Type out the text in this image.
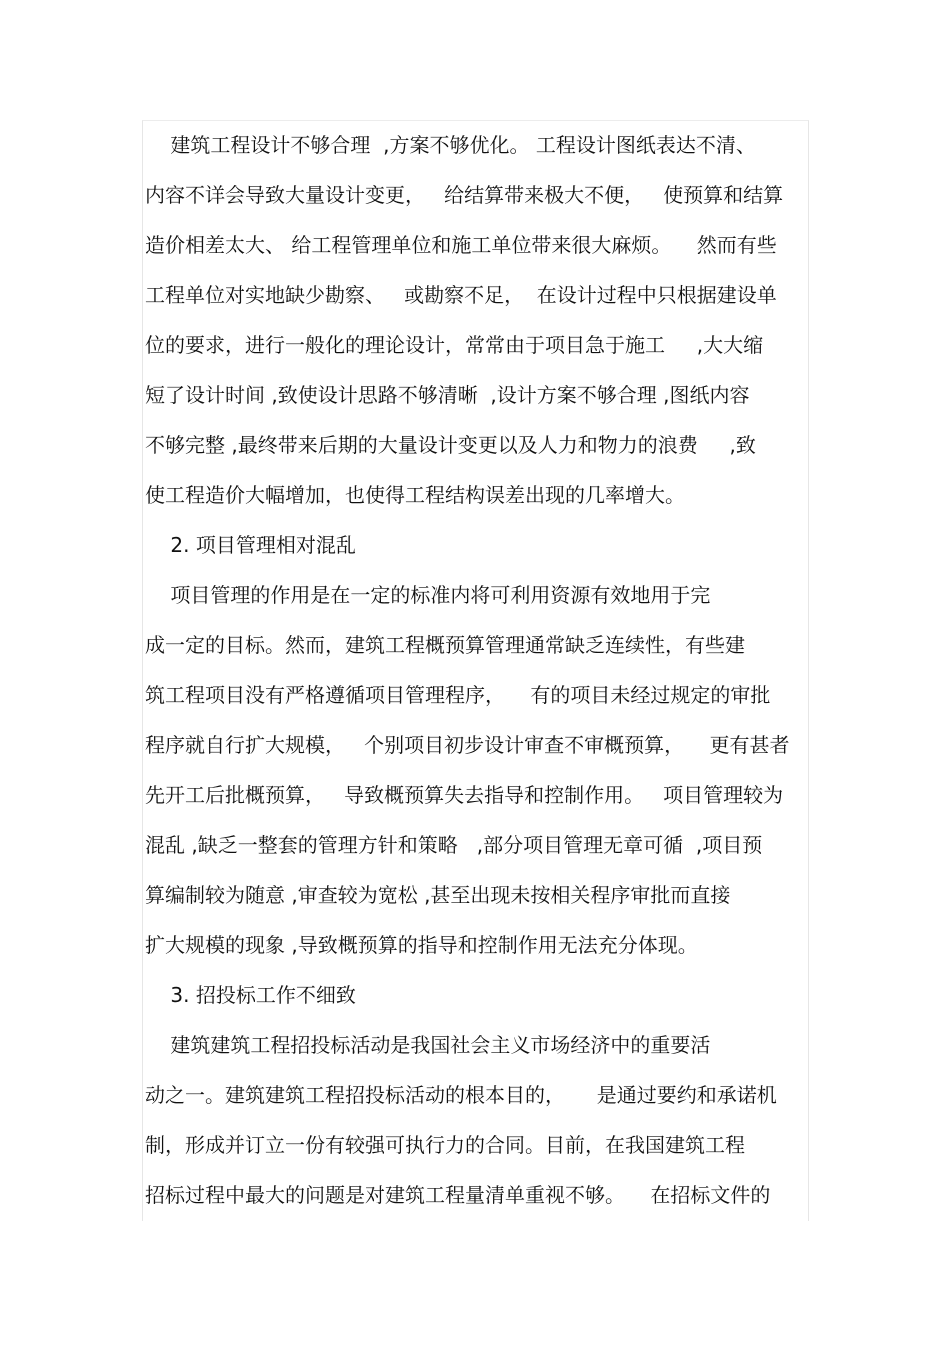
建筑工程设计不够合理  ,方案不够优化。 工程设计图纸表达不清、
内容不详会导致大量设计变更，   给结算带来极大不便，   使预算和结算
造价相差太大、 给工程管理单位和施工单位带来很大麻烦。    然而有些
工程单位对实地缺少勘察、   或勘察不足，  在设计过程中只根据建设单
位的要求，进行一般化的理论设计，常常由于项目急于施工     ,大大缩
短了设计时间 ,致使设计思路不够清晰  ,设计方案不够合理 ,图纸内容
不够完整 ,最终带来后期的大量设计变更以及人力和物力的浪费     ,致
使工程造价大幅增加，也使得工程结构误差出现的几率增大。
2. 项目管理相对混乱
项目管理的作用是在一定的标准内将可利用资源有效地用于完
成一定的目标。然而，建筑工程概预算管理通常缺乏连续性，有些建
筑工程项目没有严格遵循项目管理程序，    有的项目未经过规定的审批
程序就自行扩大规模，   个别项目初步设计审查不审概预算，    更有甚者
先开工后批概预算，   导致概预算失去指导和控制作用。   项目管理较为
混乱 ,缺乏一整套的管理方针和策略   ,部分项目管理无章可循  ,项目预
算编制较为随意 ,审查较为宽松 ,甚至出现未按相关程序审批而直接
扩大规模的现象 ,导致概预算的指导和控制作用无法充分体现。
3. 招投标工作不细致
建筑建筑工程招投标活动是我国社会主义市场经济中的重要活
动之一。建筑建筑工程招投标活动的根本目的，     是通过要约和承诺机
制，形成并订立一份有较强可执行力的合同。目前，在我国建筑工程
招标过程中最大的问题是对建筑工程量清单重视不够。    在招标文件的
